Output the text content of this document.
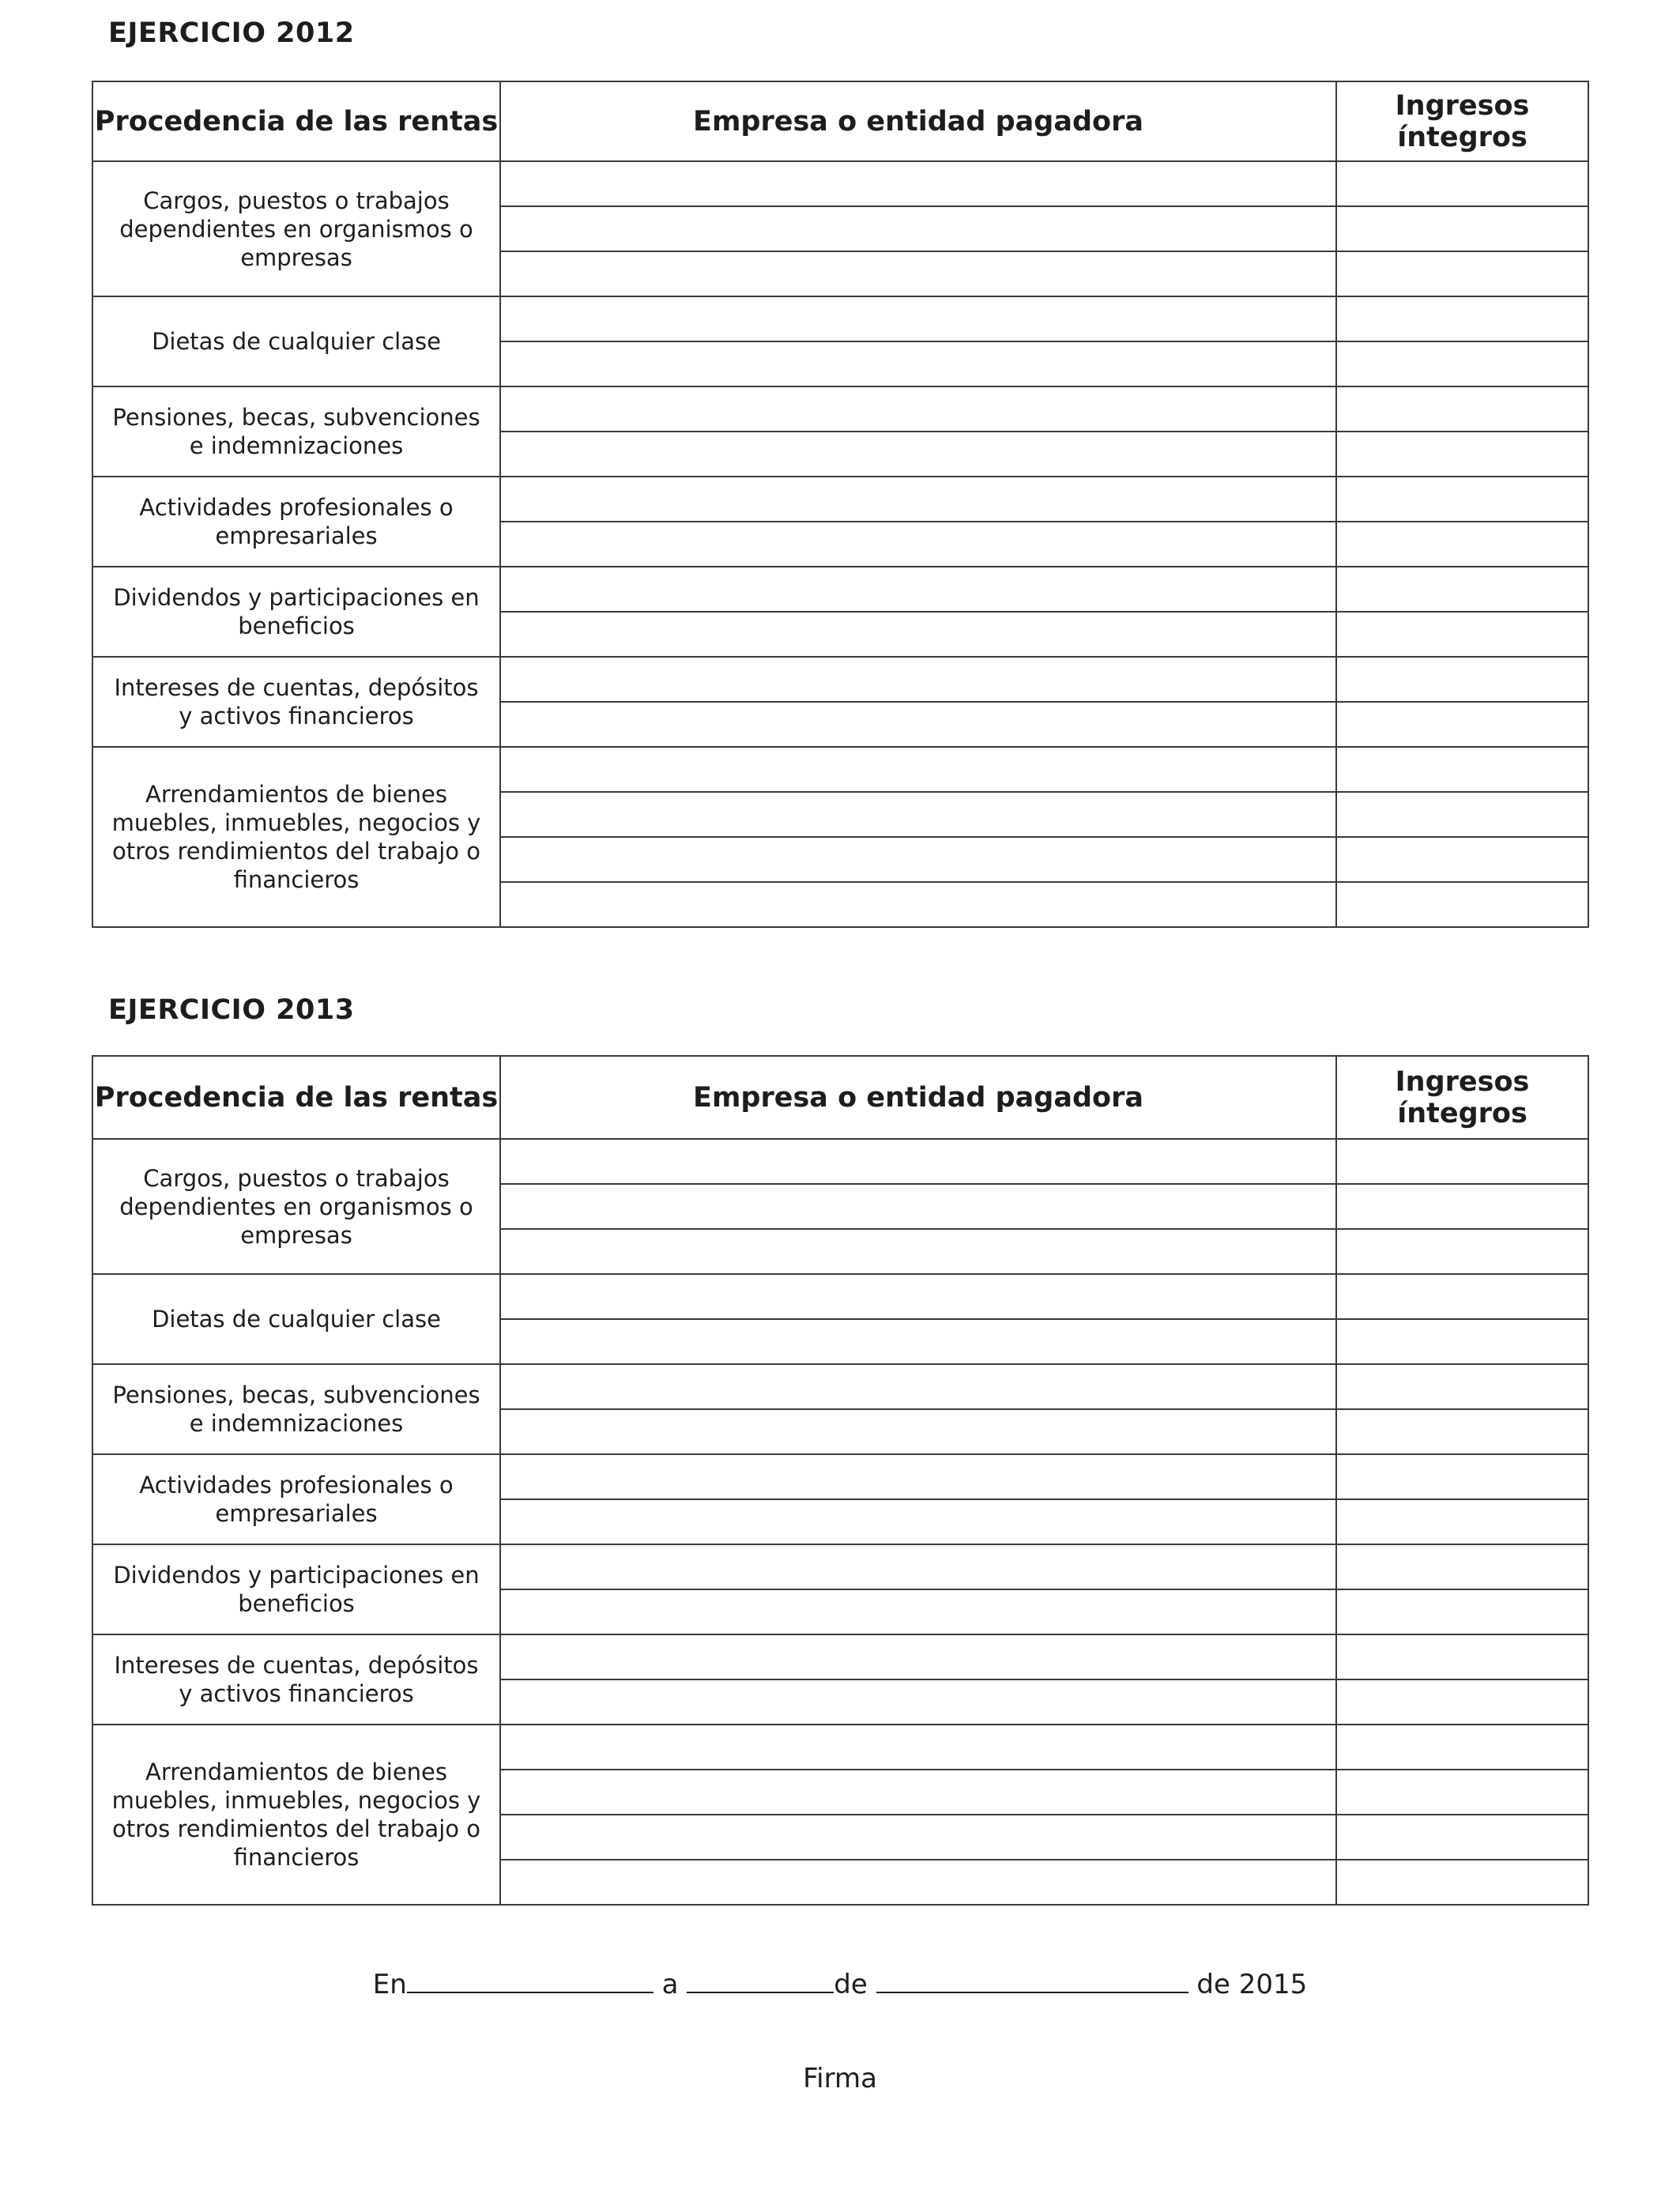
EJERCICIO 2012
Procedencia de las rentas	Empresa o entidad pagadora	Ingresos
íntegros

Cargos, puestos o trabajos dependientes en organismos o empresas		

Dietas de cualquier clase		

Pensiones, becas, subvenciones e indemnizaciones		

Actividades profesionales o empresariales		

Dividendos y participaciones en beneficios		

Intereses de cuentas, depósitos y activos financieros		

Arrendamientos de bienes muebles, inmuebles, negocios y otros rendimientos del trabajo o financieros		

EJERCICIO 2013
Procedencia de las rentas	Empresa o entidad pagadora	Ingresos
íntegros

Cargos, puestos o trabajos dependientes en organismos o empresas		

Dietas de cualquier clase		

Pensiones, becas, subvenciones e indemnizaciones		

Actividades profesionales o empresariales		

Dividendos y participaciones en beneficios		

Intereses de cuentas, depósitos y activos financieros		

Arrendamientos de bienes muebles, inmuebles, negocios y otros rendimientos del trabajo o financieros		

En	a	de	de 2015
Firma
